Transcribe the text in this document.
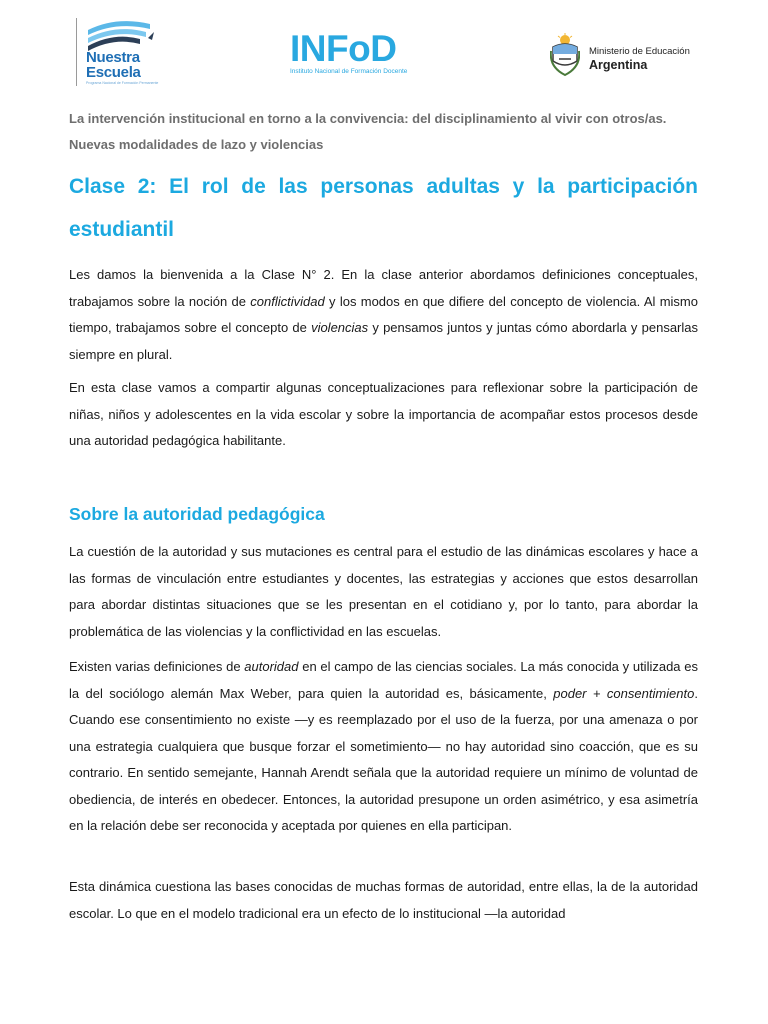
Nuestra
Escuela
Programa Nacional de Formación Permanente
INFoD
Instituto Nacional de Formación Docente
Ministerio de Educación
Argentina
La intervención institucional en torno a la convivencia: del disciplinamiento al vivir con otros/as.
Nuevas modalidades de lazo y violencias
Clase 2: El rol de las personas adultas y la participación estudiantil

Les damos la bienvenida a la Clase N° 2. En la clase anterior abordamos definiciones conceptuales, trabajamos sobre la noción de conflictividad y los modos en que difiere del concepto de violencia. Al mismo tiempo, trabajamos sobre el concepto de violencias y pensamos juntos y juntas cómo abordarla y pensarlas siempre en plural.

En esta clase vamos a compartir algunas conceptualizaciones para reflexionar sobre la participación de niñas, niños y adolescentes en la vida escolar y sobre la importancia de acompañar estos procesos desde una autoridad pedagógica habilitante.

Sobre la autoridad pedagógica

La cuestión de la autoridad y sus mutaciones es central para el estudio de las dinámicas escolares y hace a las formas de vinculación entre estudiantes y docentes, las estrategias y acciones que estos desarrollan para abordar distintas situaciones que se les presentan en el cotidiano y, por lo tanto, para abordar la problemática de las violencias y la conflictividad en las escuelas.

Existen varias definiciones de autoridad en el campo de las ciencias sociales. La más conocida y utilizada es la del sociólogo alemán Max Weber, para quien la autoridad es, básicamente, poder + consentimiento. Cuando ese consentimiento no existe —y es reemplazado por el uso de la fuerza, por una amenaza o por una estrategia cualquiera que busque forzar el sometimiento— no hay autoridad sino coacción, que es su contrario. En sentido semejante, Hannah Arendt señala que la autoridad requiere un mínimo de voluntad de obediencia, de interés en obedecer. Entonces, la autoridad presupone un orden asimétrico, y esa asimetría en la relación debe ser reconocida y aceptada por quienes en ella participan.

Esta dinámica cuestiona las bases conocidas de muchas formas de autoridad, entre ellas, la de la autoridad escolar. Lo que en el modelo tradicional era un efecto de lo institucional —la autoridad
